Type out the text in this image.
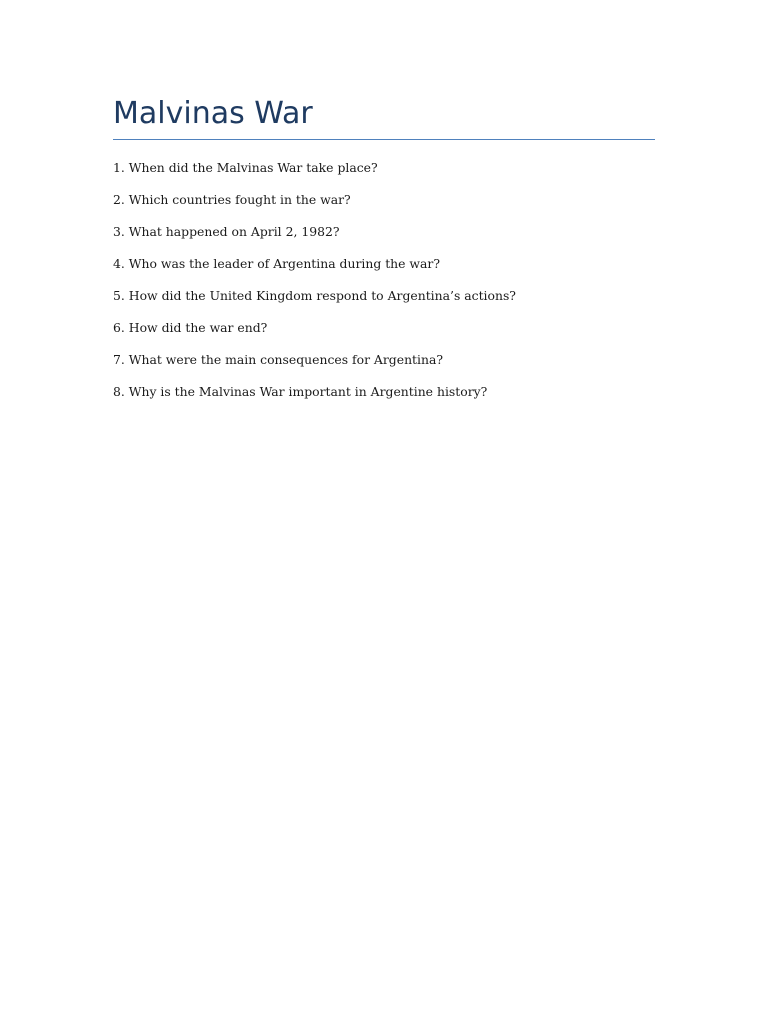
Malvinas War
1. When did the Malvinas War take place?
2. Which countries fought in the war?
3. What happened on April 2, 1982?
4. Who was the leader of Argentina during the war?
5. How did the United Kingdom respond to Argentina’s actions?
6. How did the war end?
7. What were the main consequences for Argentina?
8. Why is the Malvinas War important in Argentine history?
